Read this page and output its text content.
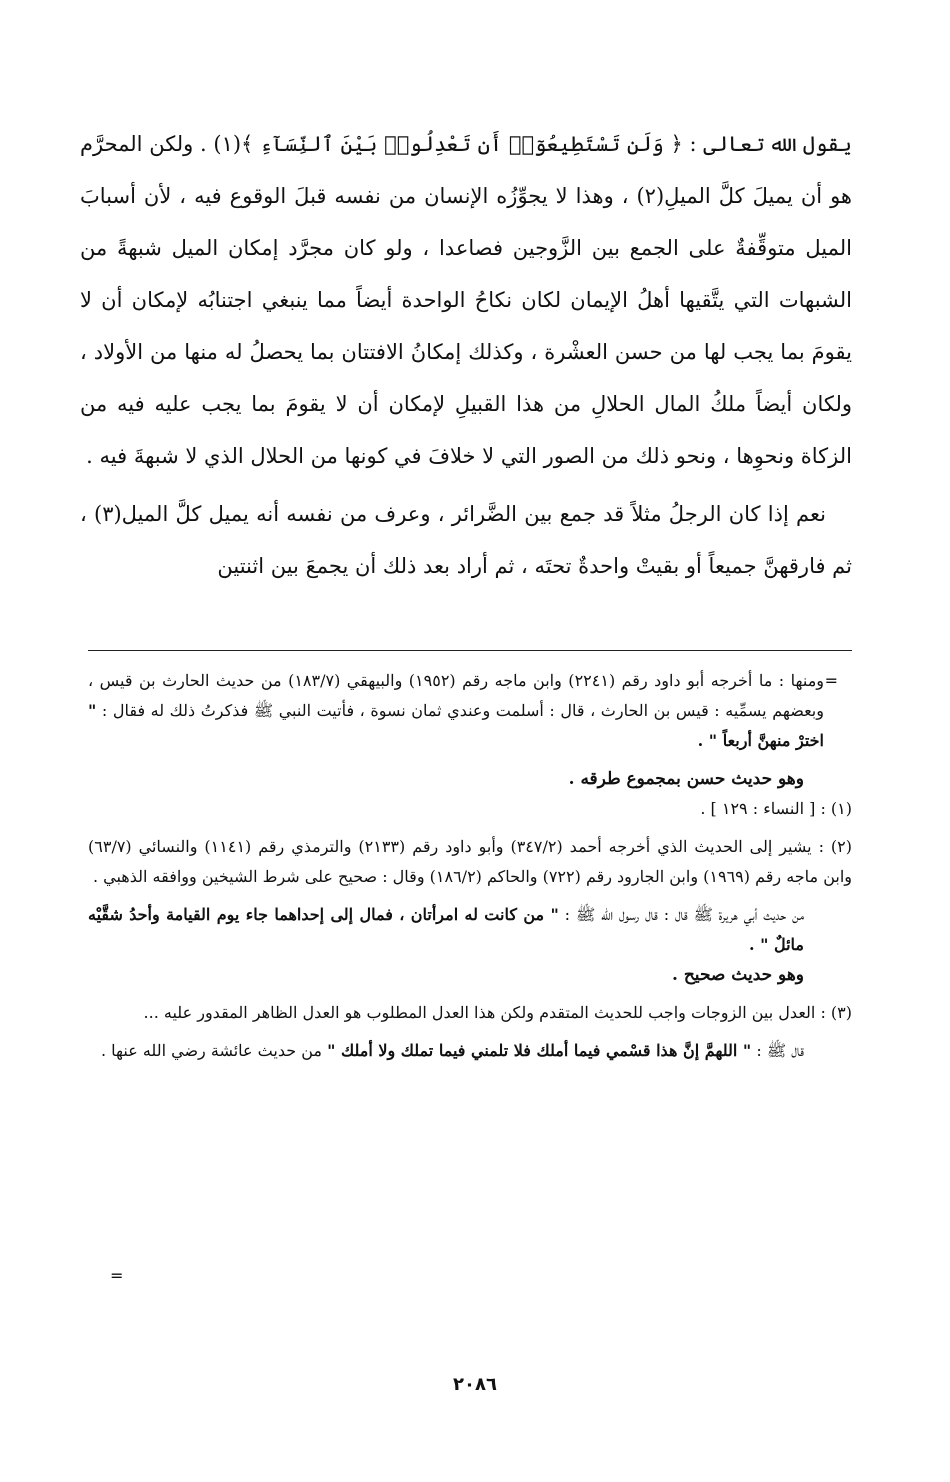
يقول الله تعالى : ﴿ وَلَن تَسْتَطِيعُوٓا۟ أَن تَعْدِلُوا۟ بَيْنَ ٱلنِّسَآءِ ﴾(١) . ولكن المحرَّم هو أن يميلَ كلَّ الميلِ(٢) ، وهذا لا يجوِّزُه الإنسان من نفسه قبلَ الوقوع فيه ، لأن أسبابَ الميل متوقِّفةٌ على الجمع بين الزَّوجين فصاعدا ، ولو كان مجرَّد إمكان الميل شبهةً من الشبهات التي يتَّقيها أهلُ الإيمان لكان نكاحُ الواحدة أيضاً مما ينبغي اجتنابُه لإمكان أن لا يقومَ بما يجب لها من حسن العشْرة ، وكذلك إمكانُ الافتتان بما يحصلُ له منها من الأولاد ، ولكان أيضاً ملكُ المال الحلالِ من هذا القبيلِ لإمكان أن لا يقومَ بما يجب عليه فيه من الزكاة ونحوِها ، ونحو ذلك من الصور التي لا خلافَ في كونها من الحلال الذي لا شبهةَ فيه .

نعم إذا كان الرجلُ مثلاً قد جمع بين الضَّرائر ، وعرف من نفسه أنه يميل كلَّ الميل(٣) ، ثم فارقهنَّ جميعاً أو بقيتْ واحدةٌ تحتَه ، ثم أراد بعد ذلك أن يجمعَ بين اثنتين

=

ومنها : ما أخرجه أبو داود رقم (٢٢٤١) وابن ماجه رقم (١٩٥٢) والبيهقي (١٨٣/٧) من حديث الحارث بن قيس ، وبعضهم يسمِّيه : قيس بن الحارث ، قال : أسلمت وعندي ثمان نسوة ، فأتيت النبي ﷺ فذكرتُ ذلك له فقال : " اخترْ منهنَّ أربعاً " .

وهو حديث حسن بمجموع طرقه .

(١) : [ النساء : ١٢٩ ] .

(٢) : يشير إلى الحديث الذي أخرجه أحمد (٣٤٧/٢) وأبو داود رقم (٢١٣٣) والترمذي رقم (١١٤١) والنسائي (٦٣/٧) وابن ماجه رقم (١٩٦٩) وابن الجارود رقم (٧٢٢) والحاكم (١٨٦/٢) وقال : صحيح على شرط الشيخين ووافقه الذهبي .

من حديث أبي هريرة ﷺ قال : قال رسول الله ﷺ : " من كانت له امرأتان ، فمال إلى إحداهما جاء يوم القيامة وأحدُ شقَّيْه مائلٌ " .

وهو حديث صحيح .

(٣) : العدل بين الزوجات واجب للحديث المتقدم ولكن هذا العدل المطلوب هو العدل الظاهر المقدور عليه ...

قال ﷺ : " اللهمَّ إنَّ هذا قسْمي فيما أملك فلا تلمني فيما تملك ولا أملك " من حديث عائشة رضي الله عنها .

=
٢٠٨٦
